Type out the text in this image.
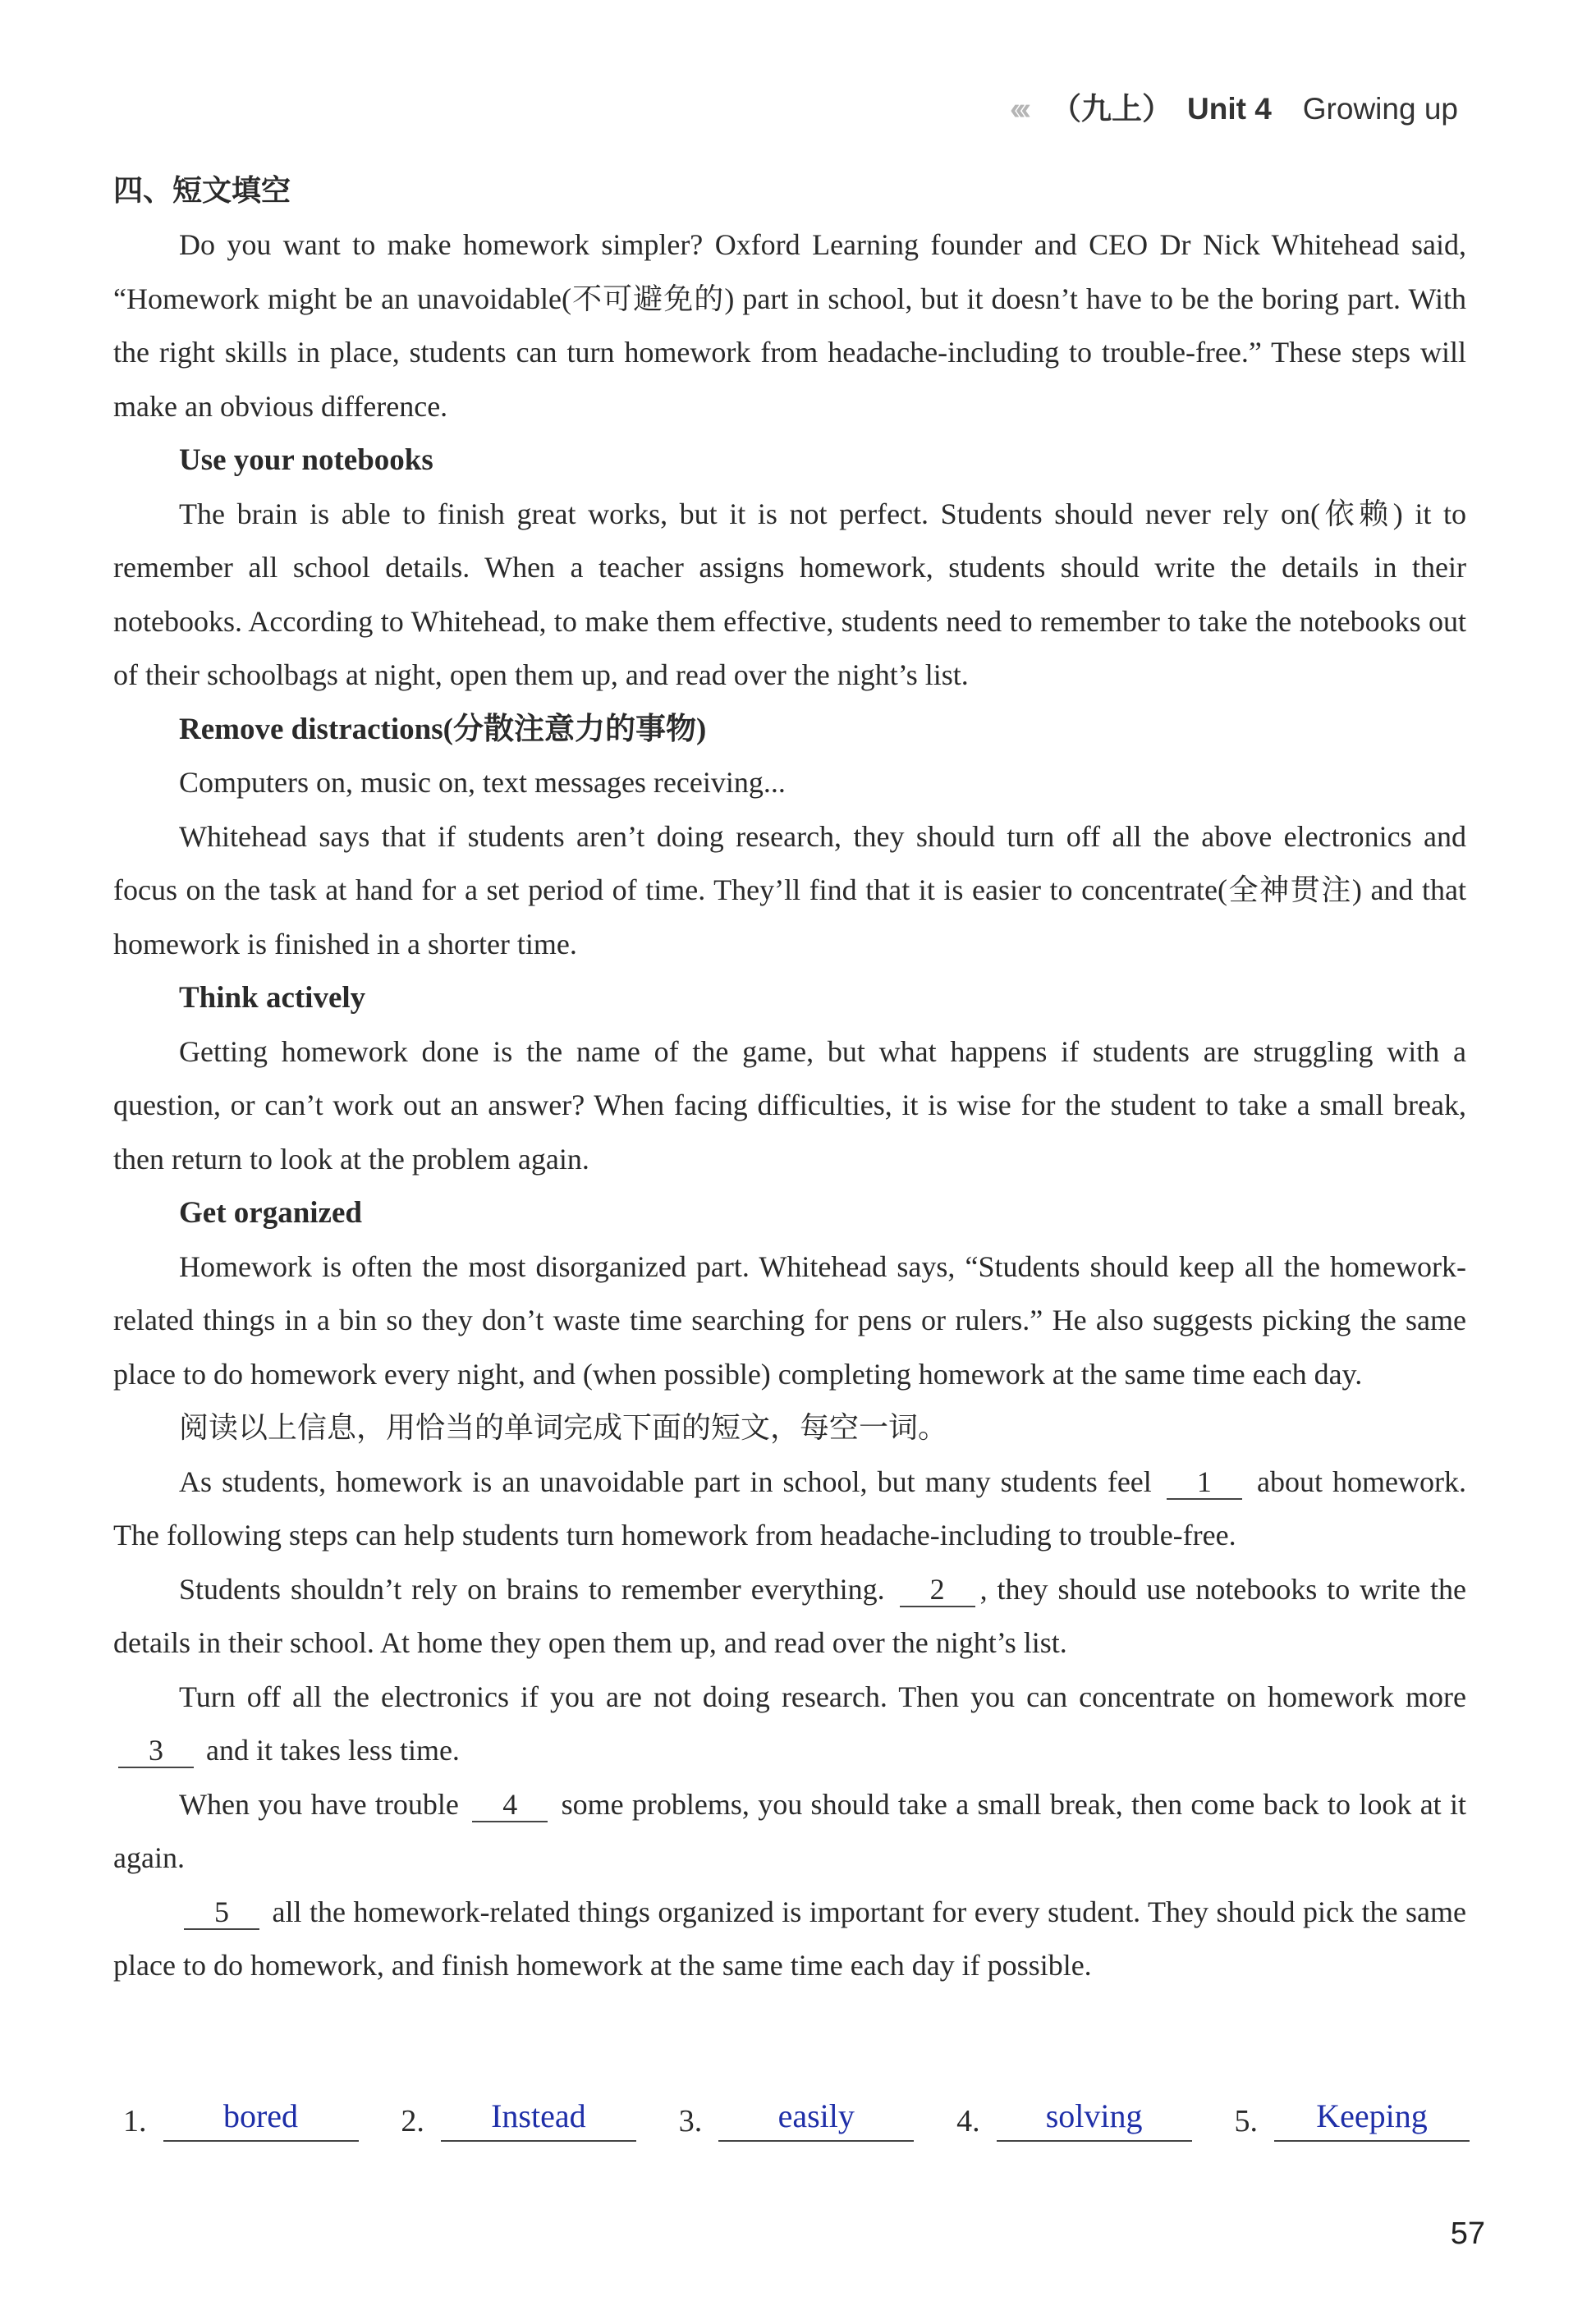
‹‹‹ （九上） Unit 4 Growing up
四、短文填空

Do you want to make homework simpler? Oxford Learning founder and CEO Dr Nick Whitehead said, “Homework might be an unavoidable(不可避免的) part in school, but it doesn’t have to be the boring part. With the right skills in place, students can turn homework from headache-including to trouble-free.” These steps will make an obvious difference.

Use your notebooks

The brain is able to finish great works, but it is not perfect. Students should never rely on(依赖) it to remember all school details. When a teacher assigns homework, students should write the details in their notebooks. According to Whitehead, to make them effective, students need to remember to take the notebooks out of their schoolbags at night, open them up, and read over the night’s list.

Remove distractions(分散注意力的事物)

Computers on, music on, text messages receiving...

Whitehead says that if students aren’t doing research, they should turn off all the above electronics and focus on the task at hand for a set period of time. They’ll find that it is easier to concentrate(全神贯注) and that homework is finished in a shorter time.

Think actively

Getting homework done is the name of the game, but what happens if students are struggling with a question, or can’t work out an answer? When facing difficulties, it is wise for the student to take a small break, then return to look at the problem again.

Get organized

Homework is often the most disorganized part. Whitehead says, “Students should keep all the homework-related things in a bin so they don’t waste time searching for pens or rulers.” He also suggests picking the same place to do homework every night, and (when possible) completing homework at the same time each day.

阅读以上信息，用恰当的单词完成下面的短文，每空一词。

As students, homework is an unavoidable part in school, but many students feel 1 about homework. The following steps can help students turn homework from headache-including to trouble-free.

Students shouldn’t rely on brains to remember everything. 2 , they should use notebooks to write the details in their school. At home they open them up, and read over the night’s list.

Turn off all the electronics if you are not doing research. Then you can concentrate on homework more 3 and it takes less time.

When you have trouble 4 some problems, you should take a small break, then come back to look at it again.

5 all the homework-related things organized is important for every student. They should pick the same place to do homework, and finish homework at the same time each day if possible.

1.	bored	2.	Instead	3.	easily	4.	solving	5.	Keeping
57
